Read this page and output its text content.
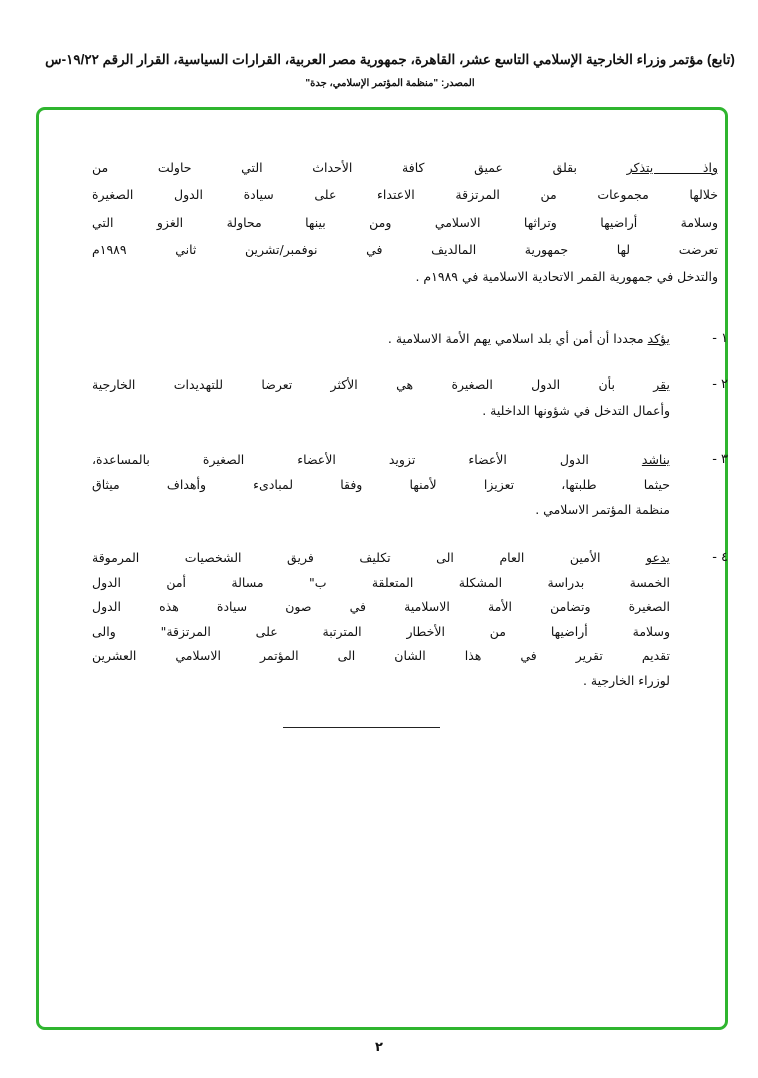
(تابع) مؤتمر وزراء الخارجية الإسلامي التاسع عشر، القاهرة، جمهورية مصر العربية، القرارات السياسية، القرار الرقم ١٩/٢٢-س
المصدر: "منظمة المؤتمر الإسلامي، جدة"
واذ يتذكر بقلق عميق كافة الأحداث التي حاولت من
خلالها مجموعات من المرتزقة الاعتداء على سيادة الدول الصغيرة
وسلامة أراضيها وتراثها الاسلامي ومن بينها محاولة الغزو التي
تعرضت لها جمهورية المالديف في نوفمبر/تشرين ثاني ١٩٨٩م
والتدخل في جمهورية القمر الاتحادية الاسلامية في ١٩٨٩م .
١ -
يؤكد مجددا أن أمن أي بلد اسلامي يهم الأمة الاسلامية .
٢ -
يقر بأن الدول الصغيرة هي الأكثر تعرضا للتهديدات الخارجية
وأعمال التدخل في شؤونها الداخلية .
٣ -
يناشد الدول الأعضاء تزويد الأعضاء الصغيرة بالمساعدة،
حيثما طلبتها، تعزيزا لأمنها وفقا لمبادىء وأهداف ميثاق
منظمة المؤتمر الاسلامي .
٤ -
يدعو الأمين العام الى تكليف فريق الشخصيات المرموقة
الخمسة بدراسة المشكلة المتعلقة ب" مسالة أمن الدول
الصغيرة وتضامن الأمة الاسلامية في صون سيادة هذه الدول
وسلامة أراضيها من الأخطار المترتبة على المرتزقة" والى
تقديم تقرير في هذا الشان الى المؤتمر الاسلامي العشرين
لوزراء الخارجية .
٢
